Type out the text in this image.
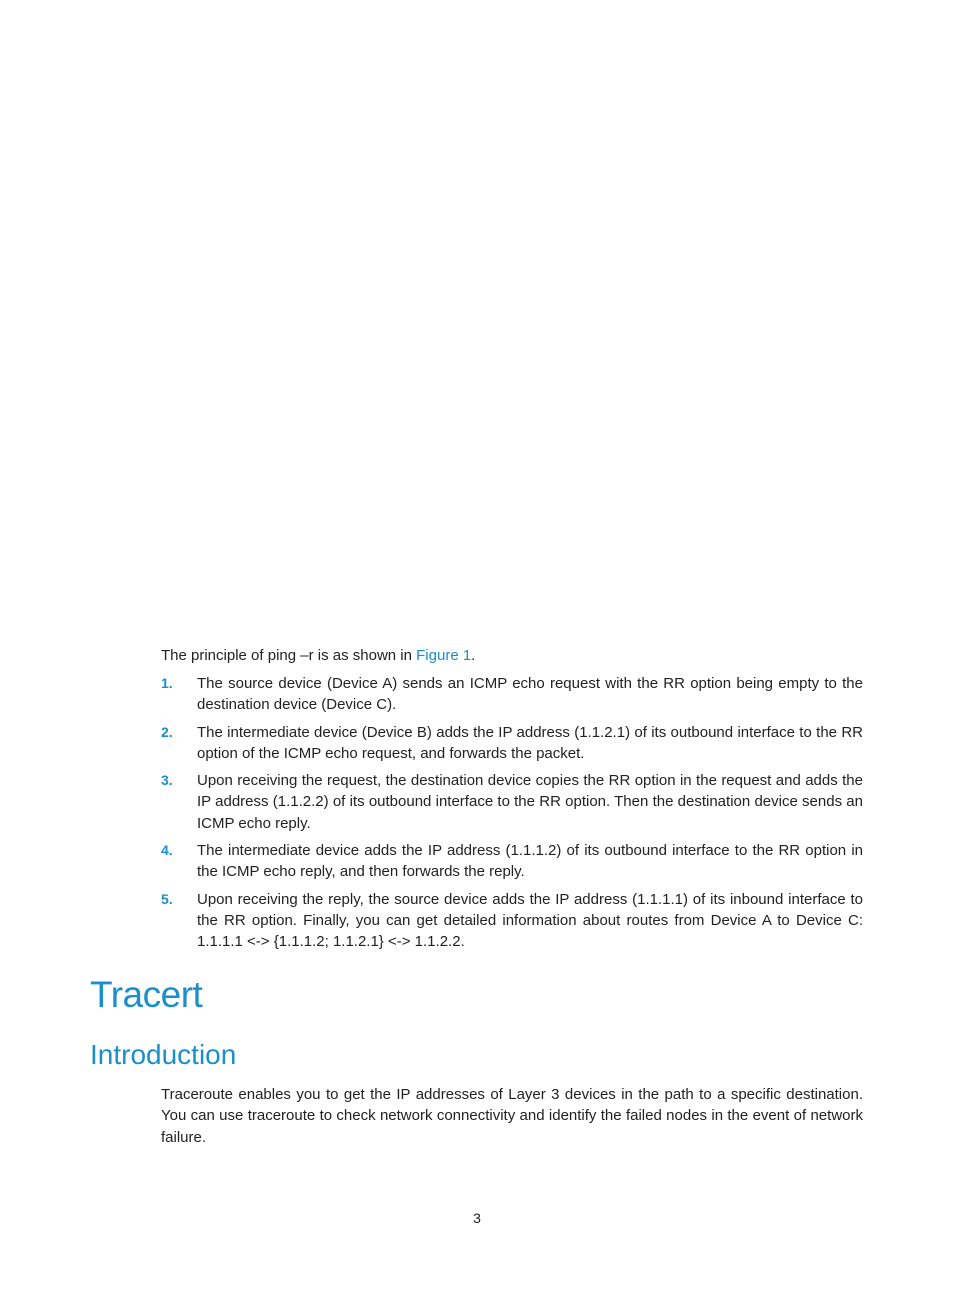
The principle of ping –r is as shown in Figure 1.

1. The source device (Device A) sends an ICMP echo request with the RR option being empty to the destination device (Device C).
2. The intermediate device (Device B) adds the IP address (1.1.2.1) of its outbound interface to the RR option of the ICMP echo request, and forwards the packet.
3. Upon receiving the request, the destination device copies the RR option in the request and adds the IP address (1.1.2.2) of its outbound interface to the RR option. Then the destination device sends an ICMP echo reply.
4. The intermediate device adds the IP address (1.1.1.2) of its outbound interface to the RR option in the ICMP echo reply, and then forwards the reply.
5. Upon receiving the reply, the source device adds the IP address (1.1.1.1) of its inbound interface to the RR option. Finally, you can get detailed information about routes from Device A to Device C: 1.1.1.1 <-> {1.1.1.2; 1.1.2.1} <-> 1.1.2.2.
Tracert
Introduction

Traceroute enables you to get the IP addresses of Layer 3 devices in the path to a specific destination. You can use traceroute to check network connectivity and identify the failed nodes in the event of network failure.

3
